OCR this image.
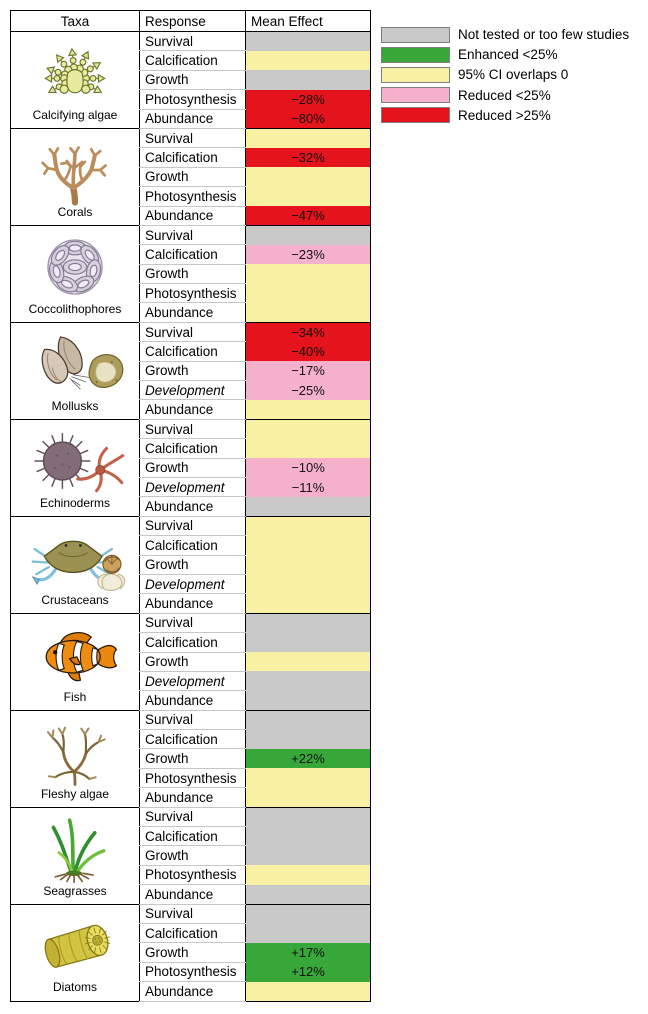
Taxa	Response	Mean Effect

Calcifying algae	Survival	
	Calcification	
	Growth	
	Photosynthesis	−28%
	Abundance	−80%

Corals	Survival	
	Calcification	−32%
	Growth	
	Photosynthesis	
	Abundance	−47%

Coccolithophores	Survival	
	Calcification	−23%
	Growth	
	Photosynthesis	
	Abundance	

Mollusks	Survival	−34%
	Calcification	−40%
	Growth	−17%
	Development	−25%
	Abundance	

Echinoderms	Survival	
	Calcification	
	Growth	−10%
	Development	−11%
	Abundance	

Crustaceans	Survival	
	Calcification	
	Growth	
	Development	
	Abundance	

Fish	Survival	
	Calcification	
	Growth	
	Development	
	Abundance	

Fleshy algae	Survival	
	Calcification	
	Growth	+22%
	Photosynthesis	
	Abundance	

Seagrasses	Survival	
	Calcification	
	Growth	
	Photosynthesis	
	Abundance	

Diatoms	Survival	
	Calcification	
	Growth	+17%
	Photosynthesis	+12%
	Abundance	
Not tested or too few studies
Enhanced <25%
95% CI overlaps 0
Reduced <25%
Reduced >25%
